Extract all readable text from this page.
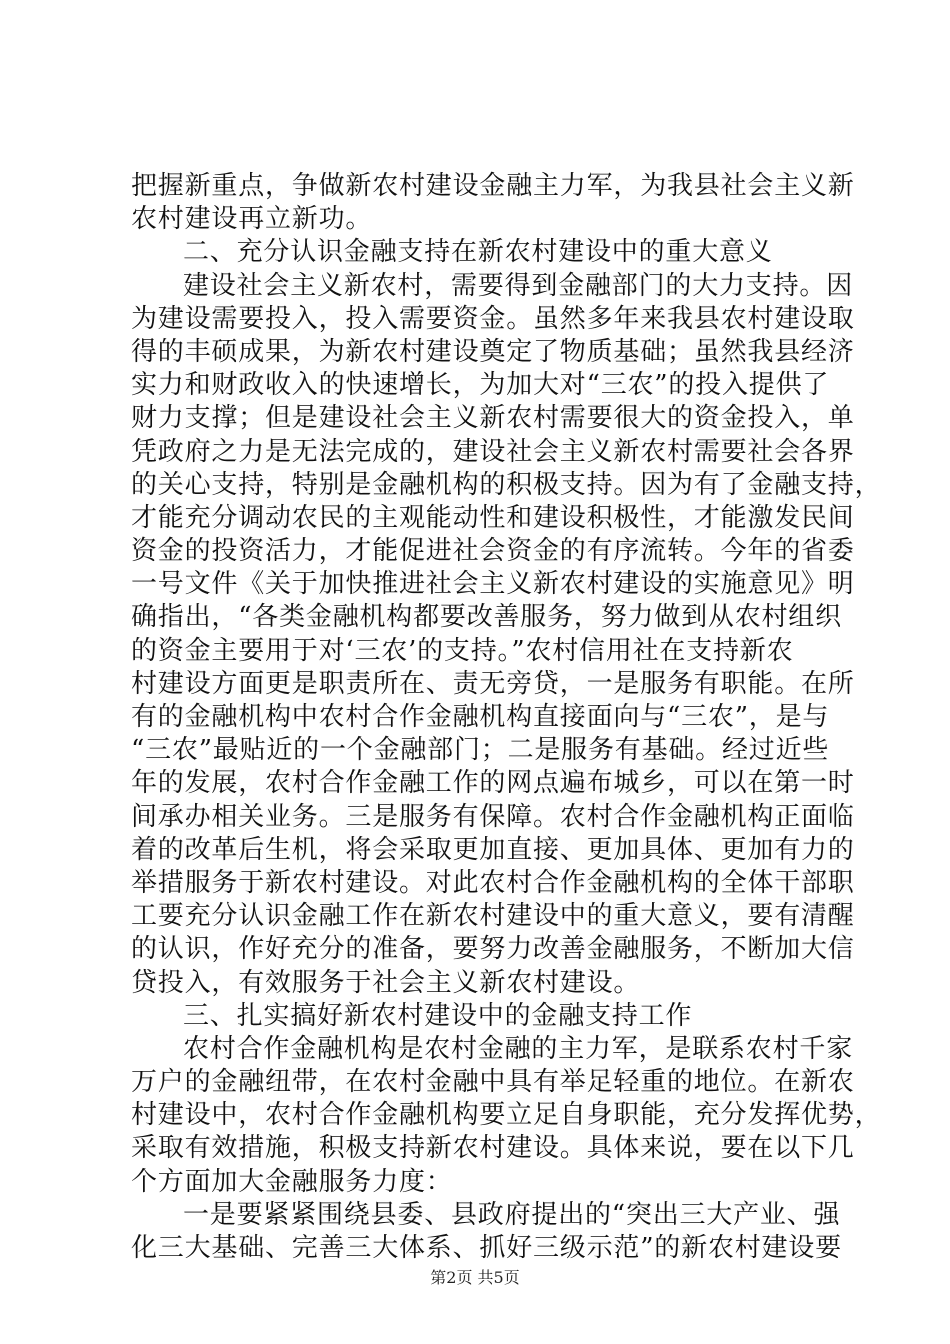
把握新重点，争做新农村建设金融主力军，为我县社会主义新
农村建设再立新功。
二、充分认识金融支持在新农村建设中的重大意义
建设社会主义新农村，需要得到金融部门的大力支持。因
为建设需要投入，投入需要资金。虽然多年来我县农村建设取
得的丰硕成果，为新农村建设奠定了物质基础；虽然我县经济
实力和财政收入的快速增长，为加大对“三农”的投入提供了
财力支撑；但是建设社会主义新农村需要很大的资金投入，单
凭政府之力是无法完成的，建设社会主义新农村需要社会各界
的关心支持，特别是金融机构的积极支持。因为有了金融支持，
才能充分调动农民的主观能动性和建设积极性，才能激发民间
资金的投资活力，才能促进社会资金的有序流转。今年的省委
一号文件《关于加快推进社会主义新农村建设的实施意见》明
确指出，“各类金融机构都要改善服务，努力做到从农村组织
的资金主要用于对‘三农’的支持。”农村信用社在支持新农
村建设方面更是职责所在、责无旁贷，一是服务有职能。在所
有的金融机构中农村合作金融机构直接面向与“三农”，是与
“三农”最贴近的一个金融部门；二是服务有基础。经过近些
年的发展，农村合作金融工作的网点遍布城乡，可以在第一时
间承办相关业务。三是服务有保障。农村合作金融机构正面临
着的改革后生机，将会采取更加直接、更加具体、更加有力的
举措服务于新农村建设。对此农村合作金融机构的全体干部职
工要充分认识金融工作在新农村建设中的重大意义，要有清醒
的认识，作好充分的准备，要努力改善金融服务，不断加大信
贷投入，有效服务于社会主义新农村建设。
三、扎实搞好新农村建设中的金融支持工作
农村合作金融机构是农村金融的主力军，是联系农村千家
万户的金融纽带，在农村金融中具有举足轻重的地位。在新农
村建设中，农村合作金融机构要立足自身职能，充分发挥优势，
采取有效措施，积极支持新农村建设。具体来说，要在以下几
个方面加大金融服务力度：
一是要紧紧围绕县委、县政府提出的“突出三大产业、强
化三大基础、完善三大体系、抓好三级示范”的新农村建设要
第2页 共5页
